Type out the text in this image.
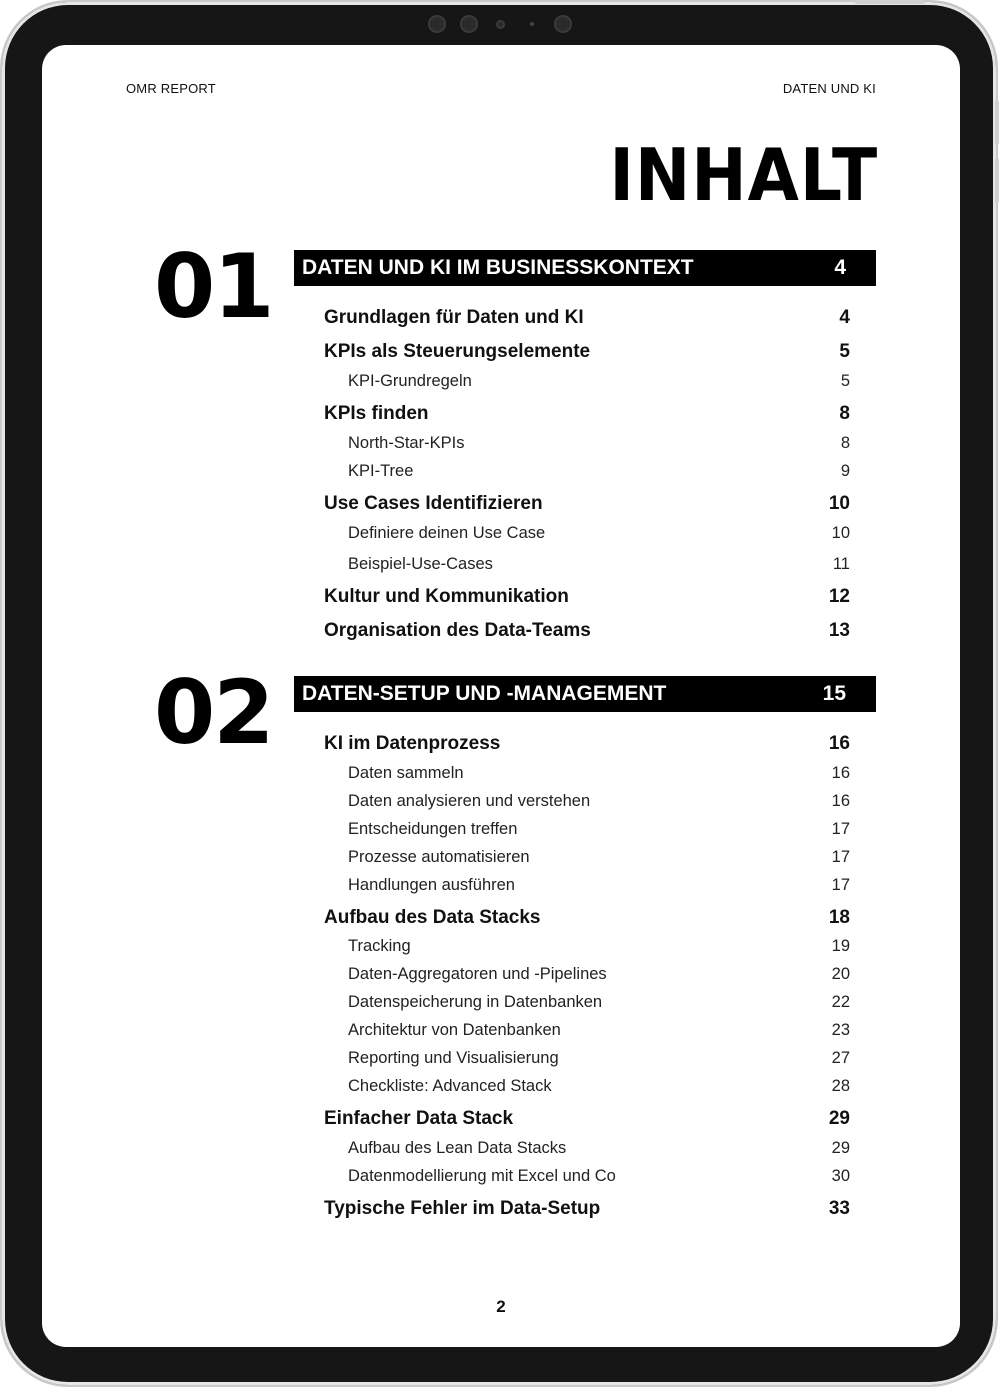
OMR REPORT	DATEN UND KI
INHALT
01 DATEN UND KI IM BUSINESSKONTEXT	4
Grundlagen für Daten und KI	4
KPIs als Steuerungselemente	5
KPI-Grundregeln	5
KPIs finden	8
North-Star-KPIs	8
KPI-Tree	9
Use Cases Identifizieren	10
Definiere deinen Use Case	10
Beispiel-Use-Cases	11
Kultur und Kommunikation	12
Organisation des Data-Teams	13
02 DATEN-SETUP UND -MANAGEMENT	15
KI im Datenprozess	16
Daten sammeln	16
Daten analysieren und verstehen	16
Entscheidungen treffen	17
Prozesse automatisieren	17
Handlungen ausführen	17
Aufbau des Data Stacks	18
Tracking	19
Daten-Aggregatoren und -Pipelines	20
Datenspeicherung in Datenbanken	22
Architektur von Datenbanken	23
Reporting und Visualisierung	27
Checkliste: Advanced Stack	28
Einfacher Data Stack	29
Aufbau des Lean Data Stacks	29
Datenmodellierung mit Excel und Co	30
Typische Fehler im Data-Setup	33
2
